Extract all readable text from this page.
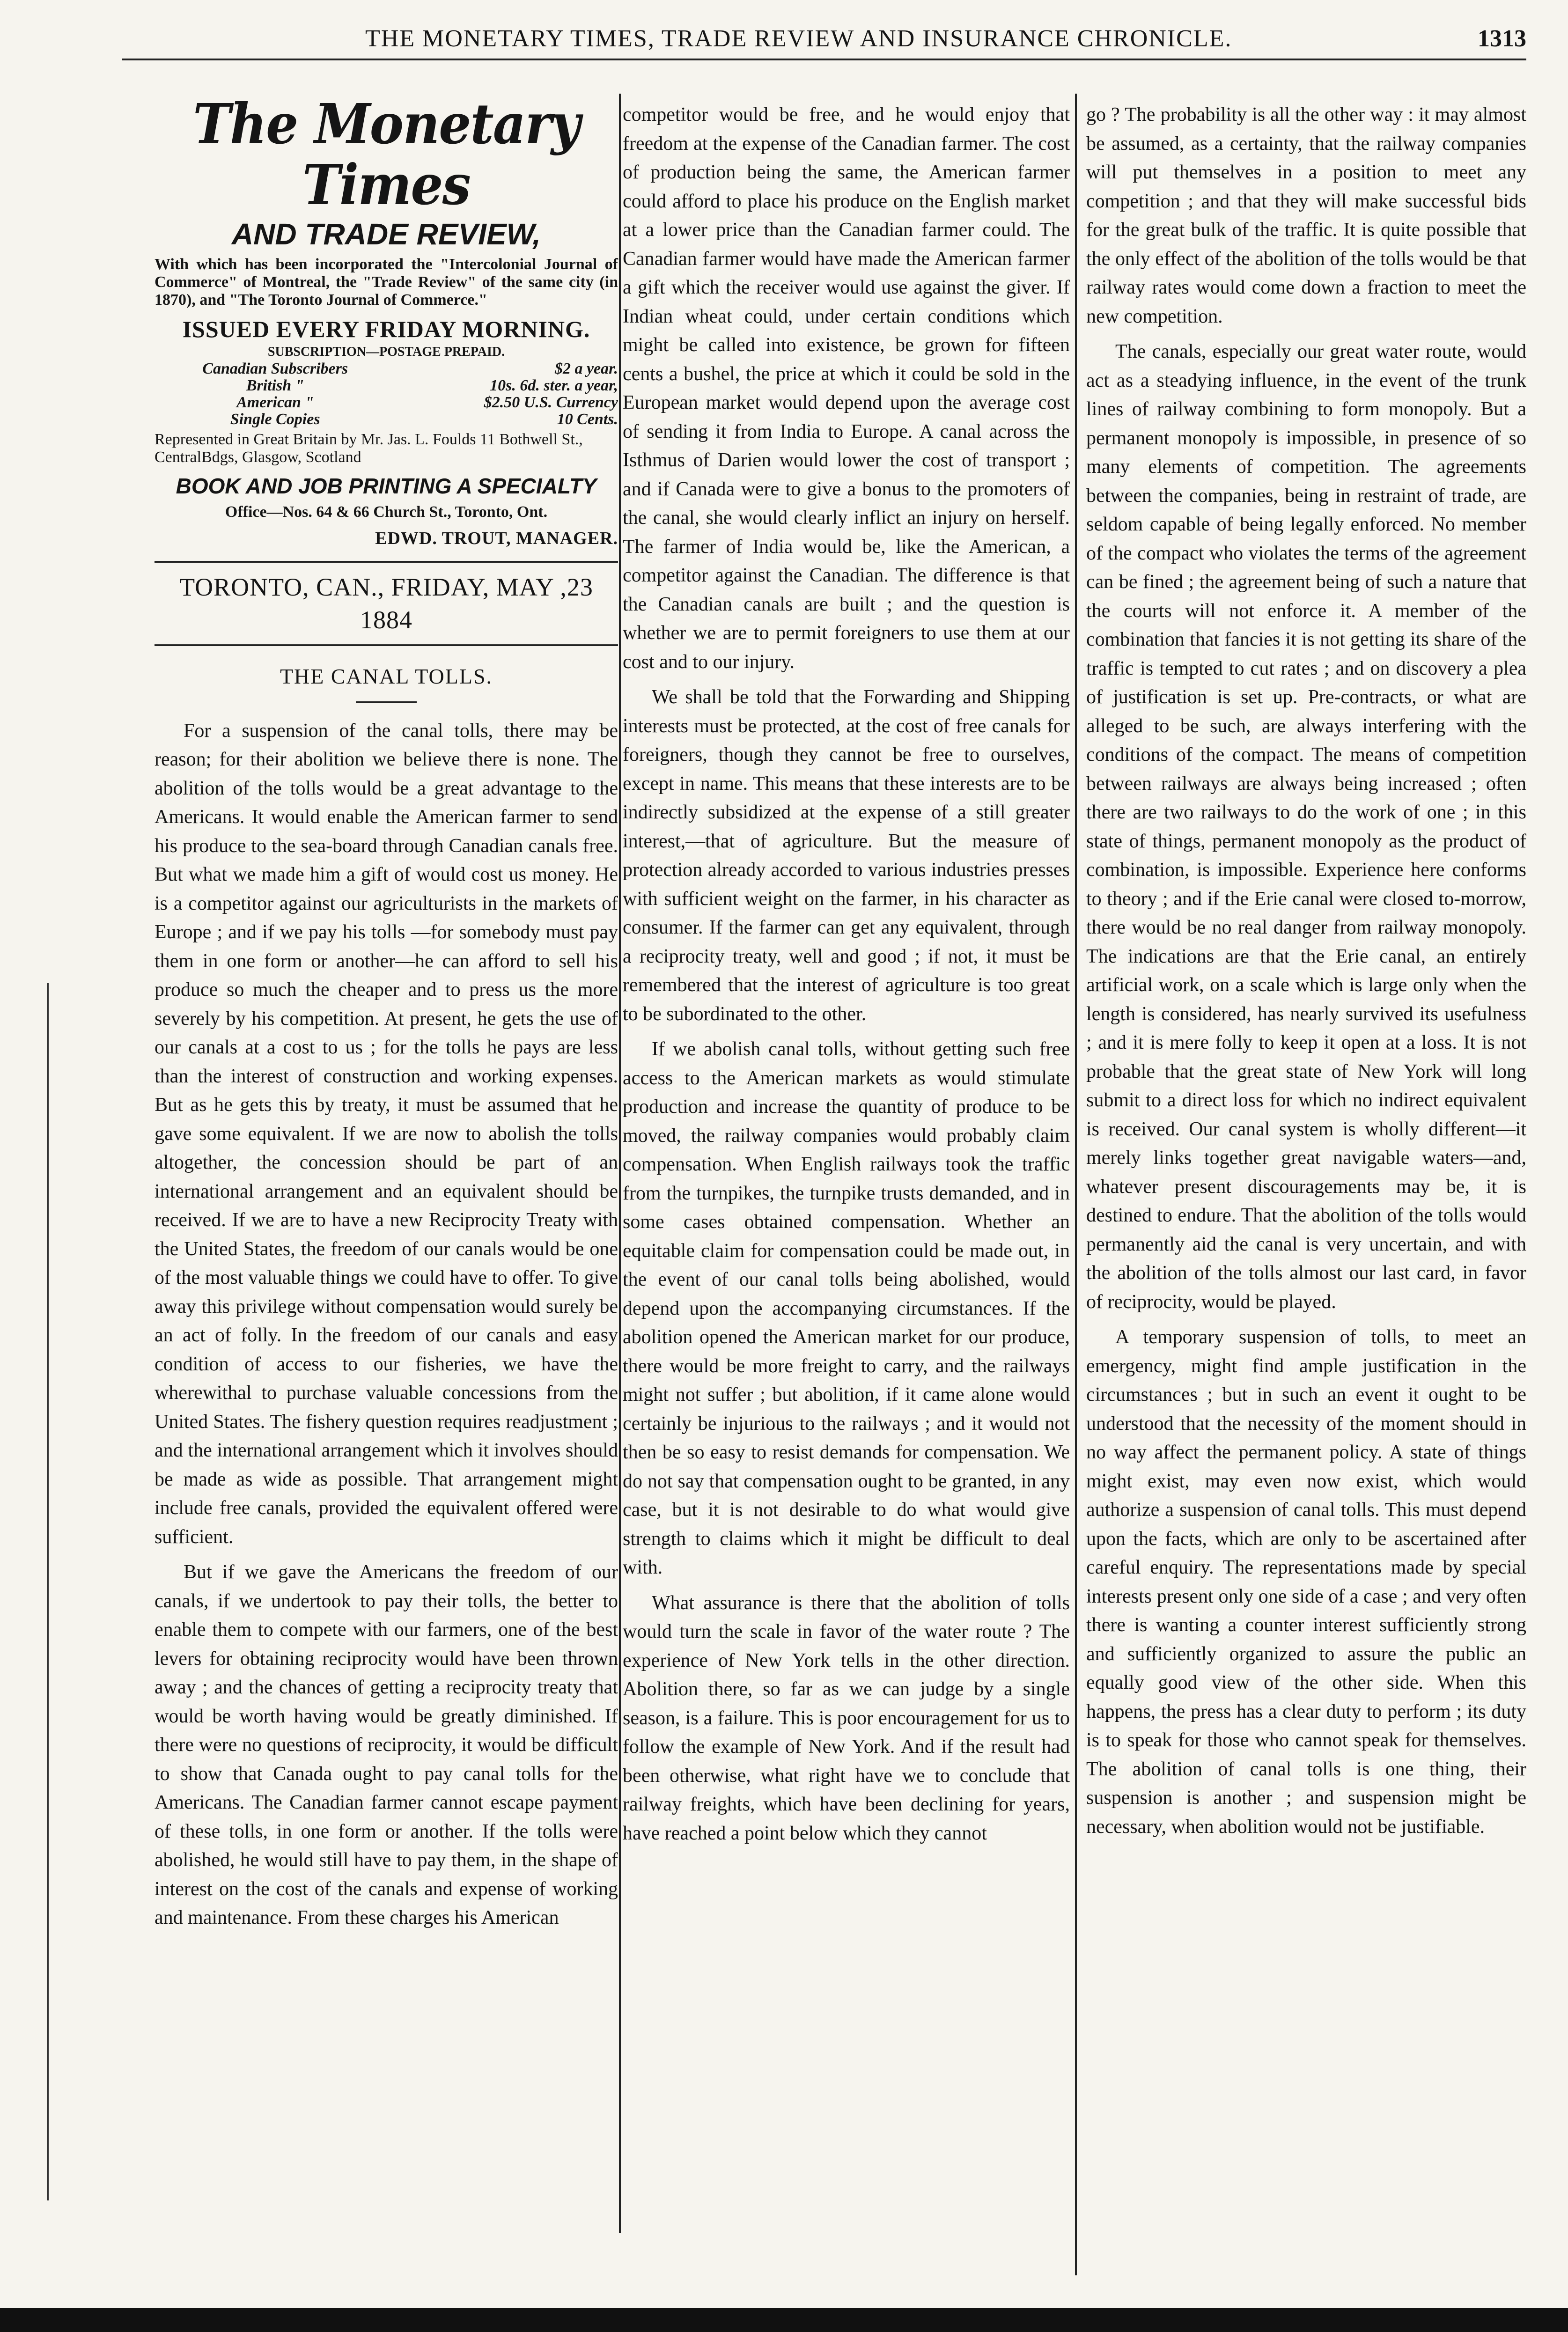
THE MONETARY TIMES, TRADE REVIEW AND INSURANCE CHRONICLE.	1313
The Monetary Times
AND TRADE REVIEW,
With which has been incorporated the "Intercolonial Journal of Commerce" of Montreal, the "Trade Review" of the same city (in 1870), and "The Toronto Journal of Commerce."
ISSUED EVERY FRIDAY MORNING.
SUBSCRIPTION—POSTAGE PREPAID.
Canadian Subscribers	$2 a year.
British "	10s. 6d. ster. a year,
American "	$2.50 U.S. Currency
Single Copies	10 Cents.
Represented in Great Britain by Mr. Jas. L. Foulds 11 Bothwell St., CentralBdgs, Glasgow, Scotland
BOOK AND JOB PRINTING A SPECIALTY
Office—Nos. 64 & 66 Church St., Toronto, Ont.
EDWD. TROUT, MANAGER.
TORONTO, CAN., FRIDAY, MAY ,23 1884
THE CANAL TOLLS.

For a suspension of the canal tolls, there may be reason; for their abolition we believe there is none. The abolition of the tolls would be a great advantage to the Americans. It would enable the American farmer to send his produce to the sea-board through Canadian canals free. But what we made him a gift of would cost us money. He is a competitor against our agriculturists in the markets of Europe ; and if we pay his tolls —for somebody must pay them in one form or another—he can afford to sell his produce so much the cheaper and to press us the more severely by his competition. At present, he gets the use of our canals at a cost to us ; for the tolls he pays are less than the interest of construction and working expenses. But as he gets this by treaty, it must be assumed that he gave some equivalent. If we are now to abolish the tolls altogether, the concession should be part of an international arrangement and an equivalent should be received. If we are to have a new Reciprocity Treaty with the United States, the freedom of our canals would be one of the most valuable things we could have to offer. To give away this privilege without compensation would surely be an act of folly. In the freedom of our canals and easy condition of access to our fisheries, we have the wherewithal to purchase valuable concessions from the United States. The fishery question requires readjustment ; and the international arrangement which it involves should be made as wide as possible. That arrangement might include free canals, provided the equivalent offered were sufficient.

But if we gave the Americans the freedom of our canals, if we undertook to pay their tolls, the better to enable them to compete with our farmers, one of the best levers for obtaining reciprocity would have been thrown away ; and the chances of getting a reciprocity treaty that would be worth having would be greatly diminished. If there were no questions of reciprocity, it would be difficult to show that Canada ought to pay canal tolls for the Americans. The Canadian farmer cannot escape payment of these tolls, in one form or another. If the tolls were abolished, he would still have to pay them, in the shape of interest on the cost of the canals and expense of working and maintenance. From these charges his American

competitor would be free, and he would enjoy that freedom at the expense of the Canadian farmer. The cost of production being the same, the American farmer could afford to place his produce on the English market at a lower price than the Canadian farmer could. The Canadian farmer would have made the American farmer a gift which the receiver would use against the giver. If Indian wheat could, under certain conditions which might be called into existence, be grown for fifteen cents a bushel, the price at which it could be sold in the European market would depend upon the average cost of sending it from India to Europe. A canal across the Isthmus of Darien would lower the cost of transport ; and if Canada were to give a bonus to the promoters of the canal, she would clearly inflict an injury on herself. The farmer of India would be, like the American, a competitor against the Canadian. The difference is that the Canadian canals are built ; and the question is whether we are to permit foreigners to use them at our cost and to our injury.

We shall be told that the Forwarding and Shipping interests must be protected, at the cost of free canals for foreigners, though they cannot be free to ourselves, except in name. This means that these interests are to be indirectly subsidized at the expense of a still greater interest,—that of agriculture. But the measure of protection already accorded to various industries presses with sufficient weight on the farmer, in his character as consumer. If the farmer can get any equivalent, through a reciprocity treaty, well and good ; if not, it must be remembered that the interest of agriculture is too great to be subordinated to the other.

If we abolish canal tolls, without getting such free access to the American markets as would stimulate production and increase the quantity of produce to be moved, the railway companies would probably claim compensation. When English railways took the traffic from the turnpikes, the turnpike trusts demanded, and in some cases obtained compensation. Whether an equitable claim for compensation could be made out, in the event of our canal tolls being abolished, would depend upon the accompanying circumstances. If the abolition opened the American market for our produce, there would be more freight to carry, and the railways might not suffer ; but abolition, if it came alone would certainly be injurious to the railways ; and it would not then be so easy to resist demands for compensation. We do not say that compensation ought to be granted, in any case, but it is not desirable to do what would give strength to claims which it might be difficult to deal with.

What assurance is there that the abolition of tolls would turn the scale in favor of the water route ? The experience of New York tells in the other direction. Abolition there, so far as we can judge by a single season, is a failure. This is poor encouragement for us to follow the example of New York. And if the result had been otherwise, what right have we to conclude that railway freights, which have been declining for years, have reached a point below which they cannot

go ? The probability is all the other way : it may almost be assumed, as a certainty, that the railway companies will put themselves in a position to meet any competition ; and that they will make successful bids for the great bulk of the traffic. It is quite possible that the only effect of the abolition of the tolls would be that railway rates would come down a fraction to meet the new competition.

The canals, especially our great water route, would act as a steadying influence, in the event of the trunk lines of railway combining to form monopoly. But a permanent monopoly is impossible, in presence of so many elements of competition. The agreements between the companies, being in restraint of trade, are seldom capable of being legally enforced. No member of the compact who violates the terms of the agreement can be fined ; the agreement being of such a nature that the courts will not enforce it. A member of the combination that fancies it is not getting its share of the traffic is tempted to cut rates ; and on discovery a plea of justification is set up. Pre-contracts, or what are alleged to be such, are always interfering with the conditions of the compact. The means of competition between railways are always being increased ; often there are two railways to do the work of one ; in this state of things, permanent monopoly as the product of combination, is impossible. Experience here conforms to theory ; and if the Erie canal were closed to-morrow, there would be no real danger from railway monopoly. The indications are that the Erie canal, an entirely artificial work, on a scale which is large only when the length is considered, has nearly survived its usefulness ; and it is mere folly to keep it open at a loss. It is not probable that the great state of New York will long submit to a direct loss for which no indirect equivalent is received. Our canal system is wholly different—it merely links together great navigable waters—and, whatever present discouragements may be, it is destined to endure. That the abolition of the tolls would permanently aid the canal is very uncertain, and with the abolition of the tolls almost our last card, in favor of reciprocity, would be played.

A temporary suspension of tolls, to meet an emergency, might find ample justification in the circumstances ; but in such an event it ought to be understood that the necessity of the moment should in no way affect the permanent policy. A state of things might exist, may even now exist, which would authorize a suspension of canal tolls. This must depend upon the facts, which are only to be ascertained after careful enquiry. The representations made by special interests present only one side of a case ; and very often there is wanting a counter interest sufficiently strong and sufficiently organized to assure the public an equally good view of the other side. When this happens, the press has a clear duty to perform ; its duty is to speak for those who cannot speak for themselves. The abolition of canal tolls is one thing, their suspension is another ; and suspension might be necessary, when abolition would not be justifiable.
